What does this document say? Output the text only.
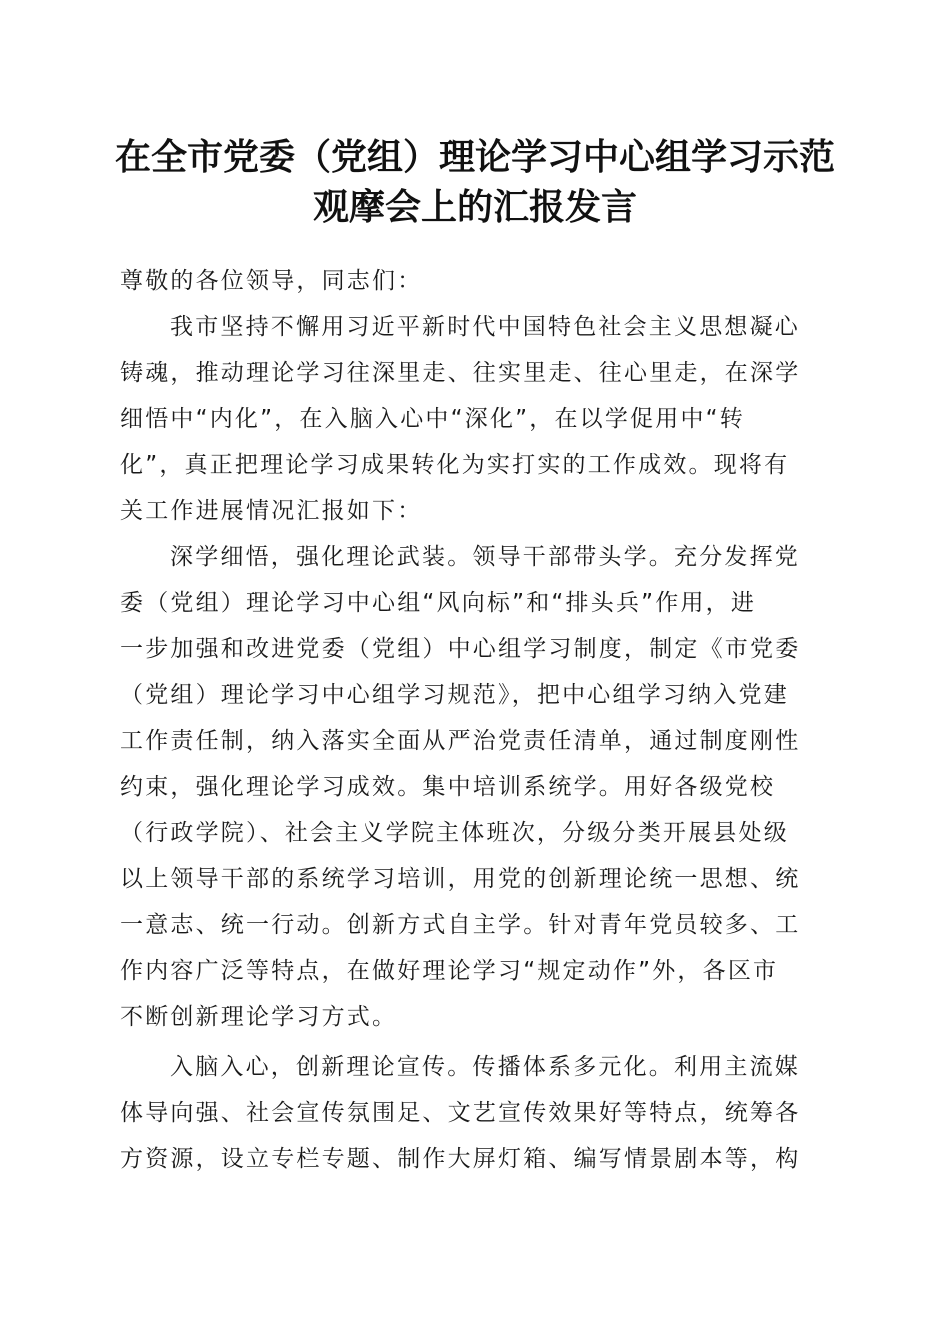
在全市党委（党组）理论学习中心组学习示范
观摩会上的汇报发言
尊敬的各位领导，同志们：
我市坚持不懈用习近平新时代中国特色社会主义思想凝心
铸魂，推动理论学习往深里走、往实里走、往心里走，在深学
细悟中“内化”，在入脑入心中“深化”，在以学促用中“转
化”，真正把理论学习成果转化为实打实的工作成效。现将有
关工作进展情况汇报如下：
深学细悟，强化理论武装。领导干部带头学。充分发挥党
委（党组）理论学习中心组“风向标”和“排头兵”作用，进
一步加强和改进党委（党组）中心组学习制度，制定《市党委
（党组）理论学习中心组学习规范》，把中心组学习纳入党建
工作责任制，纳入落实全面从严治党责任清单，通过制度刚性
约束，强化理论学习成效。集中培训系统学。用好各级党校
（行政学院）、社会主义学院主体班次，分级分类开展县处级
以上领导干部的系统学习培训，用党的创新理论统一思想、统
一意志、统一行动。创新方式自主学。针对青年党员较多、工
作内容广泛等特点，在做好理论学习“规定动作”外，各区市
不断创新理论学习方式。
入脑入心，创新理论宣传。传播体系多元化。利用主流媒
体导向强、社会宣传氛围足、文艺宣传效果好等特点，统筹各
方资源，设立专栏专题、制作大屏灯箱、编写情景剧本等，构
